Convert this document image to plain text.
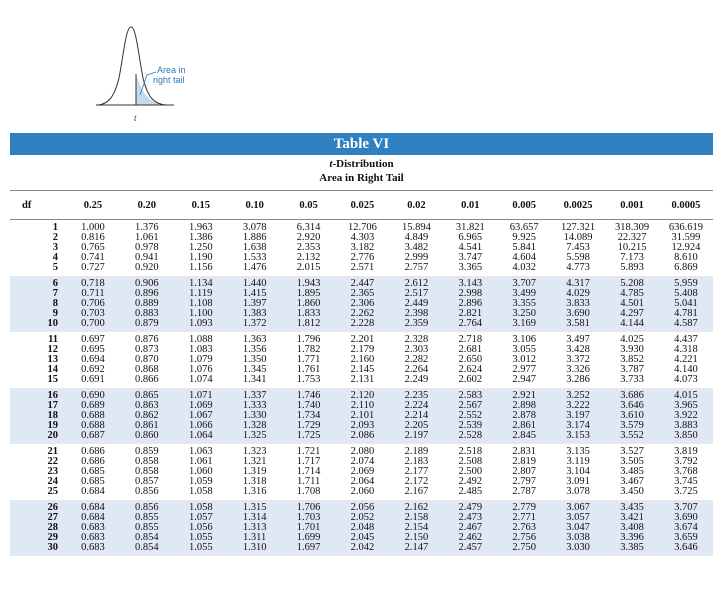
Area in
right tail
t
Table VI
t-Distribution
Area in Right Tail
df	0.25	0.20	0.15	0.10	0.05	0.025	0.02	0.01	0.005	0.0025	0.001	0.0005
1	1.000	1.376	1.963	3.078	6.314	12.706	15.894	31.821	63.657	127.321	318.309	636.619
2	0.816	1.061	1.386	1.886	2.920	4.303	4.849	6.965	9.925	14.089	22.327	31.599
3	0.765	0.978	1.250	1.638	2.353	3.182	3.482	4.541	5.841	7.453	10.215	12.924
4	0.741	0.941	1.190	1.533	2.132	2.776	2.999	3.747	4.604	5.598	7.173	8.610
5	0.727	0.920	1.156	1.476	2.015	2.571	2.757	3.365	4.032	4.773	5.893	6.869
6	0.718	0.906	1.134	1.440	1.943	2.447	2.612	3.143	3.707	4.317	5.208	5.959
7	0.711	0.896	1.119	1.415	1.895	2.365	2.517	2.998	3.499	4.029	4.785	5.408
8	0.706	0.889	1.108	1.397	1.860	2.306	2.449	2.896	3.355	3.833	4.501	5.041
9	0.703	0.883	1.100	1.383	1.833	2.262	2.398	2.821	3.250	3.690	4.297	4.781
10	0.700	0.879	1.093	1.372	1.812	2.228	2.359	2.764	3.169	3.581	4.144	4.587
11	0.697	0.876	1.088	1.363	1.796	2.201	2.328	2.718	3.106	3.497	4.025	4.437
12	0.695	0.873	1.083	1.356	1.782	2.179	2.303	2.681	3.055	3.428	3.930	4.318
13	0.694	0.870	1.079	1.350	1.771	2.160	2.282	2.650	3.012	3.372	3.852	4.221
14	0.692	0.868	1.076	1.345	1.761	2.145	2.264	2.624	2.977	3.326	3.787	4.140
15	0.691	0.866	1.074	1.341	1.753	2.131	2.249	2.602	2.947	3.286	3.733	4.073
16	0.690	0.865	1.071	1.337	1.746	2.120	2.235	2.583	2.921	3.252	3.686	4.015
17	0.689	0.863	1.069	1.333	1.740	2.110	2.224	2.567	2.898	3.222	3.646	3.965
18	0.688	0.862	1.067	1.330	1.734	2.101	2.214	2.552	2.878	3.197	3.610	3.922
19	0.688	0.861	1.066	1.328	1.729	2.093	2.205	2.539	2.861	3.174	3.579	3.883
20	0.687	0.860	1.064	1.325	1.725	2.086	2.197	2.528	2.845	3.153	3.552	3.850
21	0.686	0.859	1.063	1.323	1.721	2.080	2.189	2.518	2.831	3.135	3.527	3.819
22	0.686	0.858	1.061	1.321	1.717	2.074	2.183	2.508	2.819	3.119	3.505	3.792
23	0.685	0.858	1.060	1.319	1.714	2.069	2.177	2.500	2.807	3.104	3.485	3.768
24	0.685	0.857	1.059	1.318	1.711	2.064	2.172	2.492	2.797	3.091	3.467	3.745
25	0.684	0.856	1.058	1.316	1.708	2.060	2.167	2.485	2.787	3.078	3.450	3.725
26	0.684	0.856	1.058	1.315	1.706	2.056	2.162	2.479	2.779	3.067	3.435	3.707
27	0.684	0.855	1.057	1.314	1.703	2.052	2.158	2.473	2.771	3.057	3.421	3.690
28	0.683	0.855	1.056	1.313	1.701	2.048	2.154	2.467	2.763	3.047	3.408	3.674
29	0.683	0.854	1.055	1.311	1.699	2.045	2.150	2.462	2.756	3.038	3.396	3.659
30	0.683	0.854	1.055	1.310	1.697	2.042	2.147	2.457	2.750	3.030	3.385	3.646
